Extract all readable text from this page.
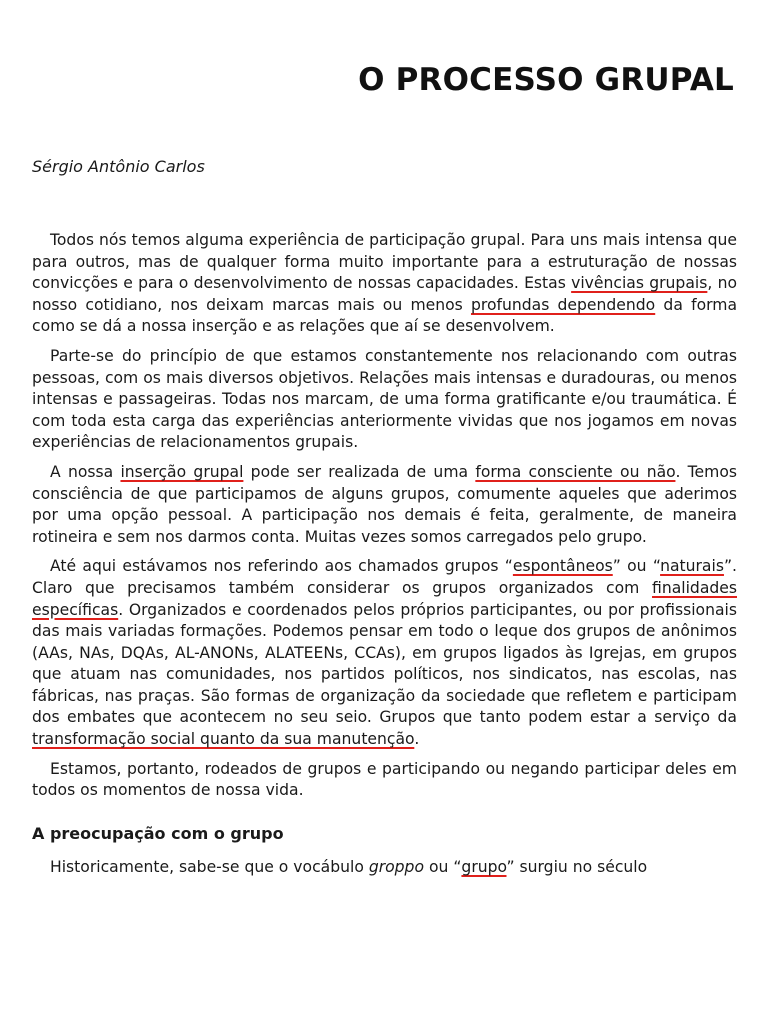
O PROCESSO GRUPAL

Sérgio Antônio Carlos

Todos nós temos alguma experiência de participação grupal. Para uns mais intensa que para outros, mas de qualquer forma muito importante para a estruturação de nossas convicções e para o desenvolvimento de nossas capacidades. Estas vivências grupais, no nosso cotidiano, nos deixam marcas mais ou menos profundas dependendo da forma como se dá a nossa inserção e as relações que aí se desenvolvem.

Parte-se do princípio de que estamos constantemente nos relacionando com outras pessoas, com os mais diversos objetivos. Relações mais intensas e duradouras, ou menos intensas e passageiras. Todas nos marcam, de uma forma gratificante e/ou traumática. É com toda esta carga das experiências anteriormente vividas que nos jogamos em novas experiências de relacionamentos grupais.

A nossa inserção grupal pode ser realizada de uma forma consciente ou não. Temos consciência de que participamos de alguns grupos, comumente aqueles que aderimos por uma opção pessoal. A participação nos demais é feita, geralmente, de maneira rotineira e sem nos darmos conta. Muitas vezes somos carregados pelo grupo.

Até aqui estávamos nos referindo aos chamados grupos “espontâneos” ou “naturais”. Claro que precisamos também considerar os grupos organizados com finalidades específicas. Organizados e coordenados pelos próprios participantes, ou por profissionais das mais variadas formações. Podemos pensar em todo o leque dos grupos de anônimos (AAs, NAs, DQAs, AL-ANONs, ALATEENs, CCAs), em grupos ligados às Igrejas, em grupos que atuam nas comunidades, nos partidos políticos, nos sindicatos, nas escolas, nas fábricas, nas praças. São formas de organização da sociedade que refletem e participam dos embates que acontecem no seu seio. Grupos que tanto podem estar a serviço da transformação social quanto da sua manutenção.

Estamos, portanto, rodeados de grupos e participando ou negando participar deles em todos os momentos de nossa vida.

A preocupação com o grupo

Historicamente, sabe-se que o vocábulo groppo ou “grupo” surgiu no século
